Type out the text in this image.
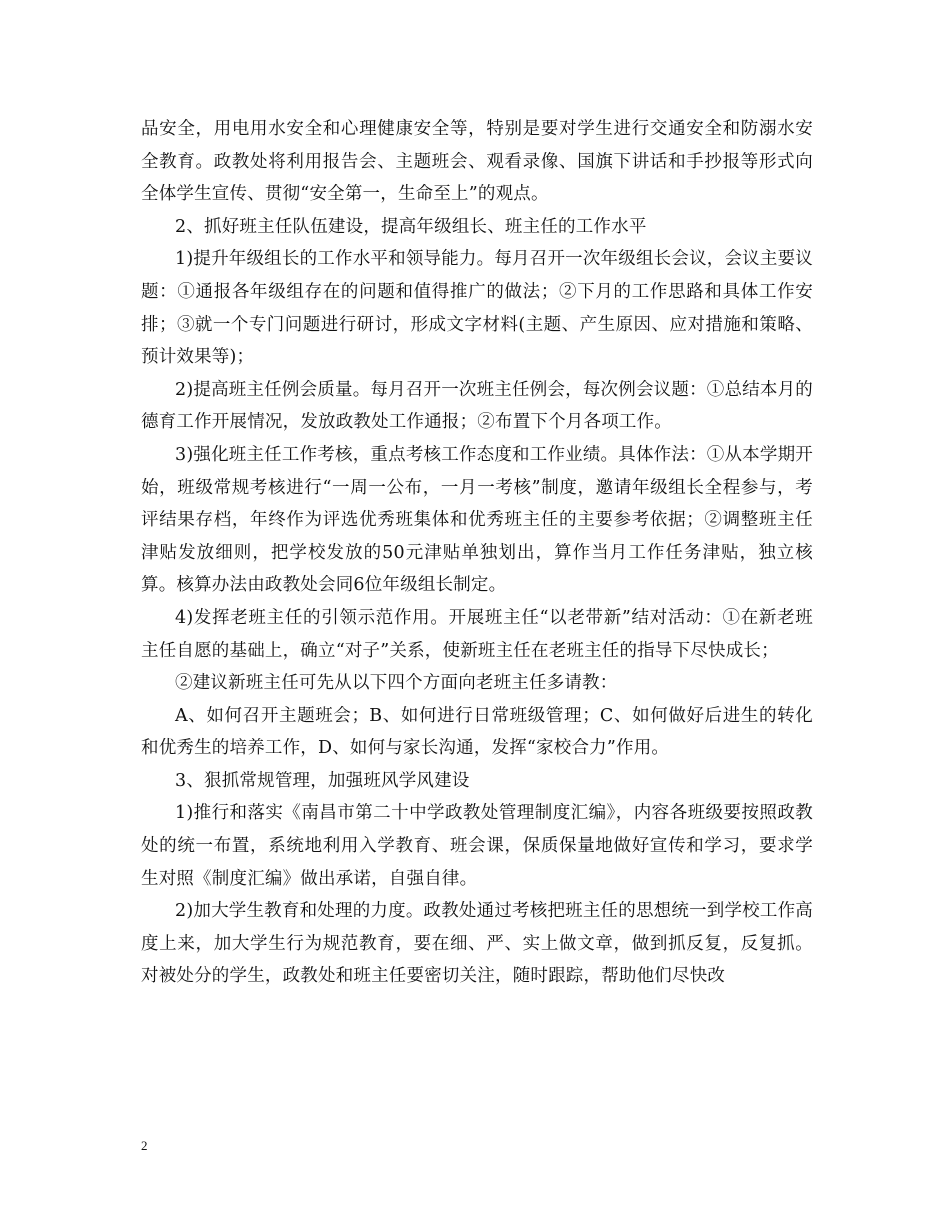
品安全，用电用水安全和心理健康安全等，特别是要对学生进行交通安全和防溺水安全教育。政教处将利用报告会、主题班会、观看录像、国旗下讲话和手抄报等形式向全体学生宣传、贯彻“安全第一，生命至上”的观点。

2、抓好班主任队伍建设，提高年级组长、班主任的工作水平

1)提升年级组长的工作水平和领导能力。每月召开一次年级组长会议，会议主要议题：①通报各年级组存在的问题和值得推广的做法；②下月的工作思路和具体工作安排；③就一个专门问题进行研讨，形成文字材料(主题、产生原因、应对措施和策略、预计效果等)；

2)提高班主任例会质量。每月召开一次班主任例会，每次例会议题：①总结本月的德育工作开展情况，发放政教处工作通报；②布置下个月各项工作。

3)强化班主任工作考核，重点考核工作态度和工作业绩。具体作法：①从本学期开始，班级常规考核进行“一周一公布，一月一考核”制度，邀请年级组长全程参与，考评结果存档，年终作为评选优秀班集体和优秀班主任的主要参考依据；②调整班主任津贴发放细则，把学校发放的50元津贴单独划出，算作当月工作任务津贴，独立核算。核算办法由政教处会同6位年级组长制定。

4)发挥老班主任的引领示范作用。开展班主任“以老带新”结对活动：①在新老班主任自愿的基础上，确立“对子”关系，使新班主任在老班主任的指导下尽快成长；

②建议新班主任可先从以下四个方面向老班主任多请教：

A、如何召开主题班会；B、如何进行日常班级管理；C、如何做好后进生的转化和优秀生的培养工作，D、如何与家长沟通，发挥“家校合力”作用。

3、狠抓常规管理，加强班风学风建设

1)推行和落实《南昌市第二十中学政教处管理制度汇编》，内容各班级要按照政教处的统一布置，系统地利用入学教育、班会课，保质保量地做好宣传和学习，要求学生对照《制度汇编》做出承诺，自强自律。

2)加大学生教育和处理的力度。政教处通过考核把班主任的思想统一到学校工作高度上来，加大学生行为规范教育，要在细、严、实上做文章，做到抓反复，反复抓。对被处分的学生，政教处和班主任要密切关注，随时跟踪，帮助他们尽快改

2
